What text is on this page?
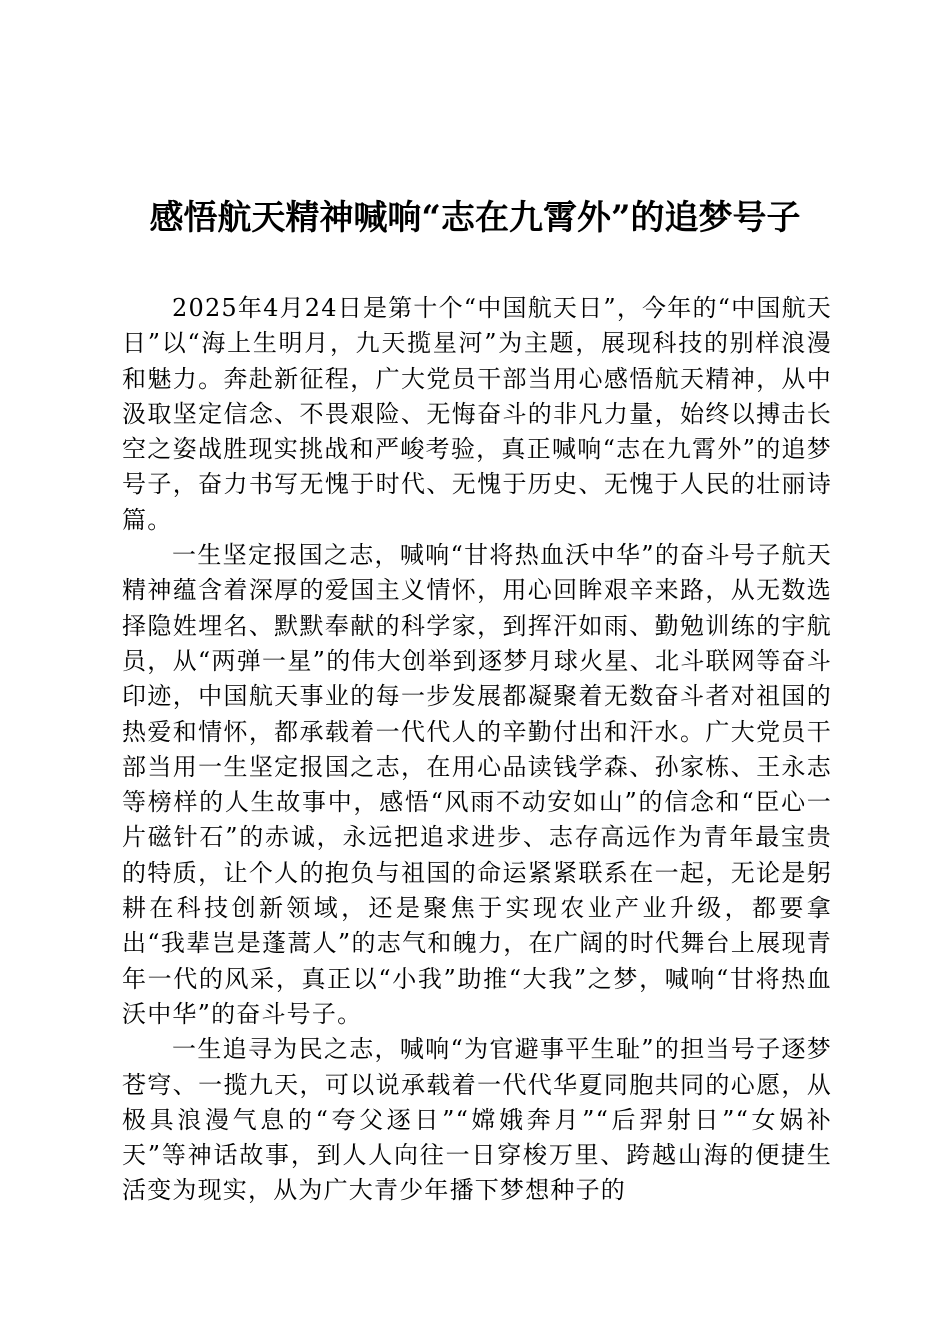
感悟航天精神喊响“志在九霄外”的追梦号子

2025年4月24日是第十个“中国航天日”，今年的“中国航天日”以“海上生明月，九天揽星河”为主题，展现科技的别样浪漫和魅力。奔赴新征程，广大党员干部当用心感悟航天精神，从中汲取坚定信念、不畏艰险、无悔奋斗的非凡力量，始终以搏击长空之姿战胜现实挑战和严峻考验，真正喊响“志在九霄外”的追梦号子，奋力书写无愧于时代、无愧于历史、无愧于人民的壮丽诗篇。

一生坚定报国之志，喊响“甘将热血沃中华”的奋斗号子航天精神蕴含着深厚的爱国主义情怀，用心回眸艰辛来路，从无数选择隐姓埋名、默默奉献的科学家，到挥汗如雨、勤勉训练的宇航员，从“两弹一星”的伟大创举到逐梦月球火星、北斗联网等奋斗印迹，中国航天事业的每一步发展都凝聚着无数奋斗者对祖国的热爱和情怀，都承载着一代代人的辛勤付出和汗水。广大党员干部当用一生坚定报国之志，在用心品读钱学森、孙家栋、王永志等榜样的人生故事中，感悟“风雨不动安如山”的信念和“臣心一片磁针石”的赤诚，永远把追求进步、志存高远作为青年最宝贵的特质，让个人的抱负与祖国的命运紧紧联系在一起，无论是躬耕在科技创新领域，还是聚焦于实现农业产业升级，都要拿出“我辈岂是蓬蒿人”的志气和魄力，在广阔的时代舞台上展现青年一代的风采，真正以“小我”助推“大我”之梦，喊响“甘将热血沃中华”的奋斗号子。

一生追寻为民之志，喊响“为官避事平生耻”的担当号子逐梦苍穹、一揽九天，可以说承载着一代代华夏同胞共同的心愿，从极具浪漫气息的“夸父逐日”“嫦娥奔月”“后羿射日”“女娲补天”等神话故事，到人人向往一日穿梭万里、跨越山海的便捷生活变为现实，从为广大青少年播下梦想种子的
